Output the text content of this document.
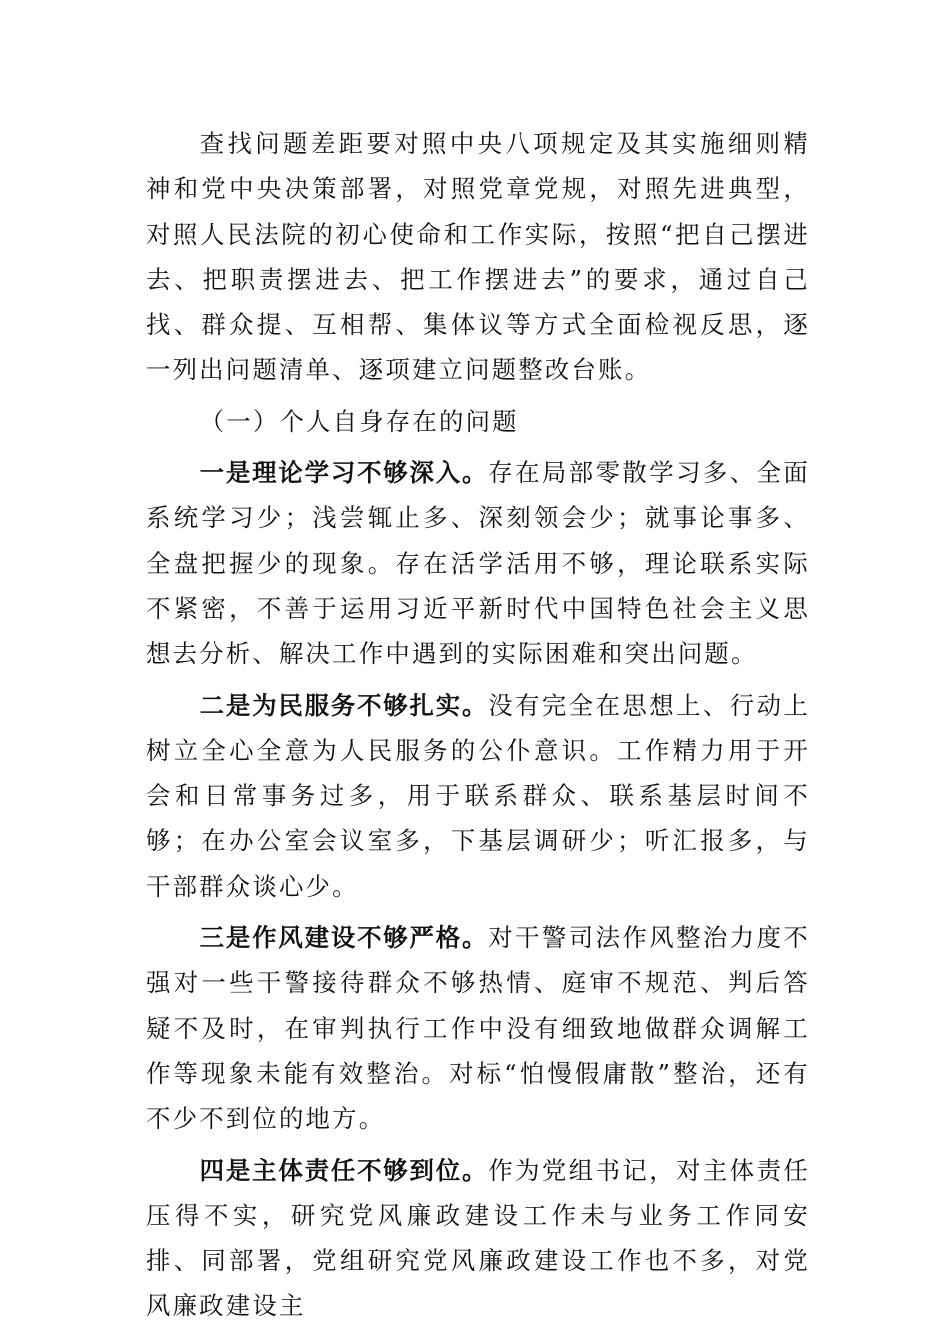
查找问题差距要对照中央八项规定及其实施细则精神和党中央决策部署，对照党章党规，对照先进典型，对照人民法院的初心使命和工作实际，按照“把自己摆进去、把职责摆进去、把工作摆进去”的要求，通过自己找、群众提、互相帮、集体议等方式全面检视反思，逐一列出问题清单、逐项建立问题整改台账。

（一）个人自身存在的问题

一是理论学习不够深入。存在局部零散学习多、全面系统学习少；浅尝辄止多、深刻领会少；就事论事多、全盘把握少的现象。存在活学活用不够，理论联系实际不紧密，不善于运用习近平新时代中国特色社会主义思想去分析、解决工作中遇到的实际困难和突出问题。

二是为民服务不够扎实。没有完全在思想上、行动上树立全心全意为人民服务的公仆意识。工作精力用于开会和日常事务过多，用于联系群众、联系基层时间不够；在办公室会议室多，下基层调研少；听汇报多，与干部群众谈心少。

三是作风建设不够严格。对干警司法作风整治力度不强对一些干警接待群众不够热情、庭审不规范、判后答疑不及时，在审判执行工作中没有细致地做群众调解工作等现象未能有效整治。对标“怕慢假庸散”整治，还有不少不到位的地方。

四是主体责任不够到位。作为党组书记，对主体责任压得不实，研究党风廉政建设工作未与业务工作同安排、同部署，党组研究党风廉政建设工作也不多，对党风廉政建设主
